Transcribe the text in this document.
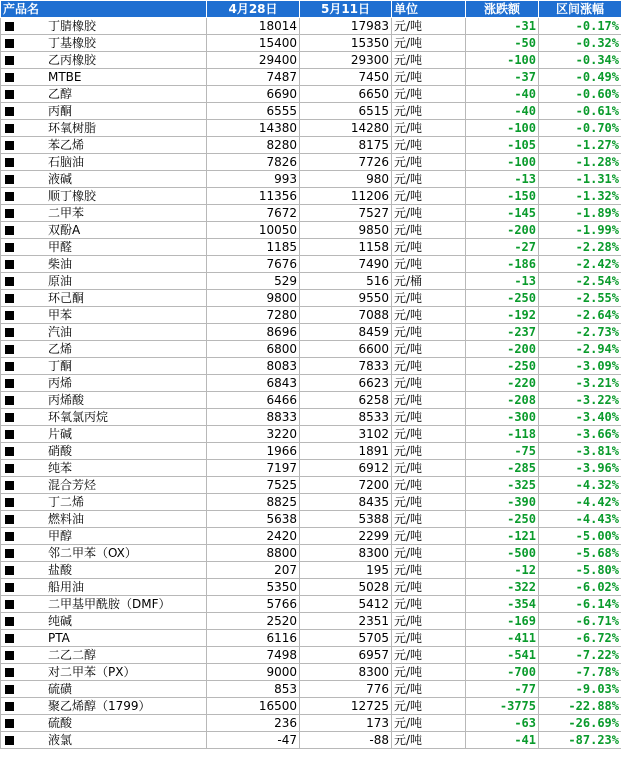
产品名	4月28日	5月11日	单位	涨跌额	区间涨幅
丁腈橡胶	18014	17983	元/吨	-31	-0.17%
丁基橡胶	15400	15350	元/吨	-50	-0.32%
乙丙橡胶	29400	29300	元/吨	-100	-0.34%
MTBE	7487	7450	元/吨	-37	-0.49%
乙醇	6690	6650	元/吨	-40	-0.60%
丙酮	6555	6515	元/吨	-40	-0.61%
环氧树脂	14380	14280	元/吨	-100	-0.70%
苯乙烯	8280	8175	元/吨	-105	-1.27%
石脑油	7826	7726	元/吨	-100	-1.28%
液碱	993	980	元/吨	-13	-1.31%
顺丁橡胶	11356	11206	元/吨	-150	-1.32%
二甲苯	7672	7527	元/吨	-145	-1.89%
双酚A	10050	9850	元/吨	-200	-1.99%
甲醛	1185	1158	元/吨	-27	-2.28%
柴油	7676	7490	元/吨	-186	-2.42%
原油	529	516	元/桶	-13	-2.54%
环己酮	9800	9550	元/吨	-250	-2.55%
甲苯	7280	7088	元/吨	-192	-2.64%
汽油	8696	8459	元/吨	-237	-2.73%
乙烯	6800	6600	元/吨	-200	-2.94%
丁酮	8083	7833	元/吨	-250	-3.09%
丙烯	6843	6623	元/吨	-220	-3.21%
丙烯酸	6466	6258	元/吨	-208	-3.22%
环氧氯丙烷	8833	8533	元/吨	-300	-3.40%
片碱	3220	3102	元/吨	-118	-3.66%
硝酸	1966	1891	元/吨	-75	-3.81%
纯苯	7197	6912	元/吨	-285	-3.96%
混合芳烃	7525	7200	元/吨	-325	-4.32%
丁二烯	8825	8435	元/吨	-390	-4.42%
燃料油	5638	5388	元/吨	-250	-4.43%
甲醇	2420	2299	元/吨	-121	-5.00%
邻二甲苯（OX）	8800	8300	元/吨	-500	-5.68%
盐酸	207	195	元/吨	-12	-5.80%
船用油	5350	5028	元/吨	-322	-6.02%
二甲基甲酰胺（DMF）	5766	5412	元/吨	-354	-6.14%
纯碱	2520	2351	元/吨	-169	-6.71%
PTA	6116	5705	元/吨	-411	-6.72%
二乙二醇	7498	6957	元/吨	-541	-7.22%
对二甲苯（PX）	9000	8300	元/吨	-700	-7.78%
硫磺	853	776	元/吨	-77	-9.03%
聚乙烯醇（1799）	16500	12725	元/吨	-3775	-22.88%
硫酸	236	173	元/吨	-63	-26.69%
液氯	-47	-88	元/吨	-41	-87.23%
